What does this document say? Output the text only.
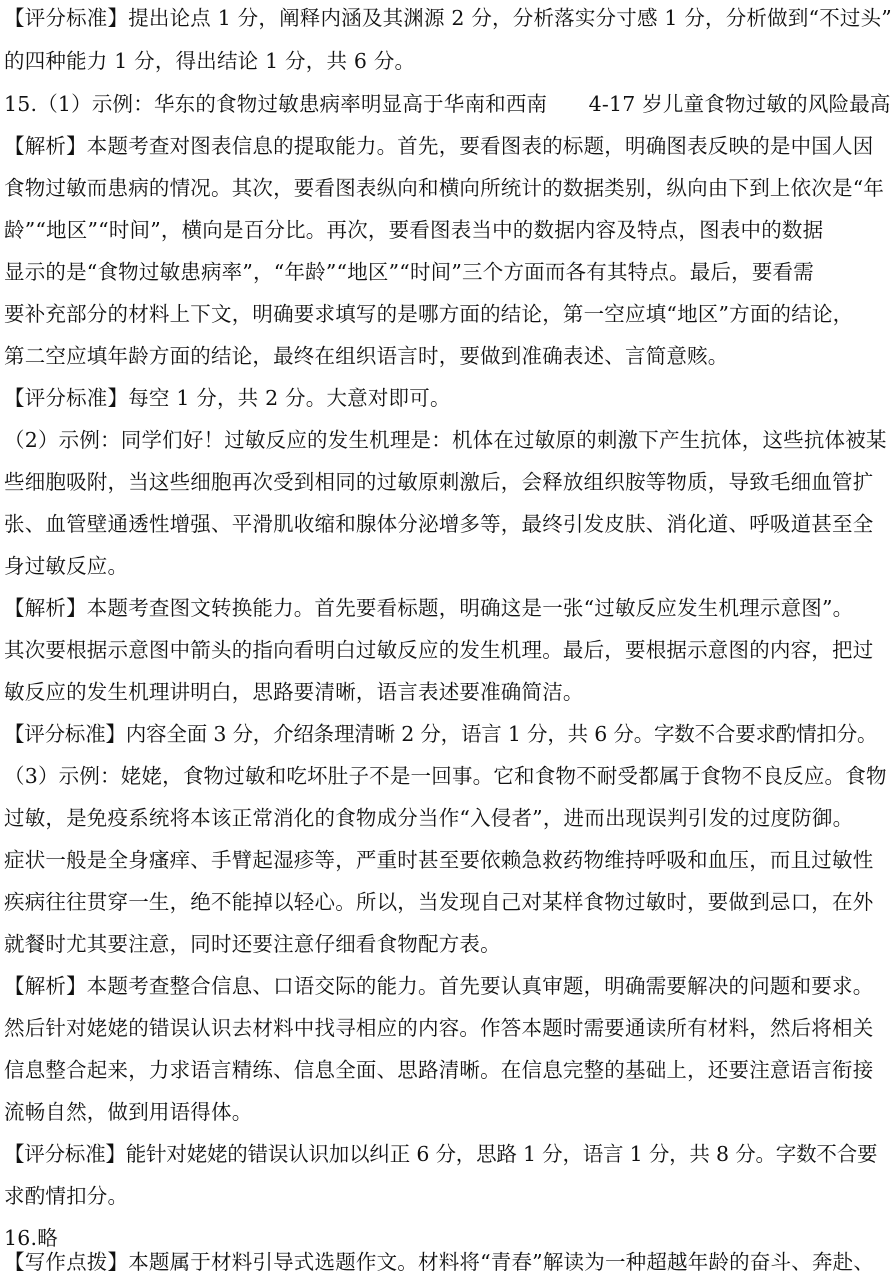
【评分标准】提出论点 1 分，阐释内涵及其渊源 2 分，分析落实分寸感 1 分，分析做到“不过头”
的四种能力 1 分，得出结论 1 分，共 6 分。
15.（1）示例：华东的食物过敏患病率明显高于华南和西南　　4-17 岁儿童食物过敏的风险最高
【解析】本题考查对图表信息的提取能力。首先，要看图表的标题，明确图表反映的是中国人因
食物过敏而患病的情况。其次，要看图表纵向和横向所统计的数据类别，纵向由下到上依次是“年
龄”“地区”“时间”，横向是百分比。再次，要看图表当中的数据内容及特点，图表中的数据
显示的是“食物过敏患病率”，“年龄”“地区”“时间”三个方面而各有其特点。最后，要看需
要补充部分的材料上下文，明确要求填写的是哪方面的结论，第一空应填“地区”方面的结论，
第二空应填年龄方面的结论，最终在组织语言时，要做到准确表述、言简意赅。
【评分标准】每空 1 分，共 2 分。大意对即可。
（2）示例：同学们好！过敏反应的发生机理是：机体在过敏原的刺激下产生抗体，这些抗体被某
些细胞吸附，当这些细胞再次受到相同的过敏原刺激后，会释放组织胺等物质，导致毛细血管扩
张、血管壁通透性增强、平滑肌收缩和腺体分泌增多等，最终引发皮肤、消化道、呼吸道甚至全
身过敏反应。
【解析】本题考查图文转换能力。首先要看标题，明确这是一张“过敏反应发生机理示意图”。
其次要根据示意图中箭头的指向看明白过敏反应的发生机理。最后，要根据示意图的内容，把过
敏反应的发生机理讲明白，思路要清晰，语言表述要准确简洁。
【评分标准】内容全面 3 分，介绍条理清晰 2 分，语言 1 分，共 6 分。字数不合要求酌情扣分。
（3）示例：姥姥，食物过敏和吃坏肚子不是一回事。它和食物不耐受都属于食物不良反应。食物
过敏，是免疫系统将本该正常消化的食物成分当作“入侵者”，进而出现误判引发的过度防御。
症状一般是全身瘙痒、手臂起湿疹等，严重时甚至要依赖急救药物维持呼吸和血压，而且过敏性
疾病往往贯穿一生，绝不能掉以轻心。所以，当发现自己对某样食物过敏时，要做到忌口，在外
就餐时尤其要注意，同时还要注意仔细看食物配方表。
【解析】本题考查整合信息、口语交际的能力。首先要认真审题，明确需要解决的问题和要求。
然后针对姥姥的错误认识去材料中找寻相应的内容。作答本题时需要通读所有材料，然后将相关
信息整合起来，力求语言精练、信息全面、思路清晰。在信息完整的基础上，还要注意语言衔接
流畅自然，做到用语得体。
【评分标准】能针对姥姥的错误认识加以纠正 6 分，思路 1 分，语言 1 分，共 8 分。字数不合要
求酌情扣分。
16.略
【写作点拨】本题属于材料引导式选题作文。材料将“青春”解读为一种超越年龄的奋斗、奔赴、
